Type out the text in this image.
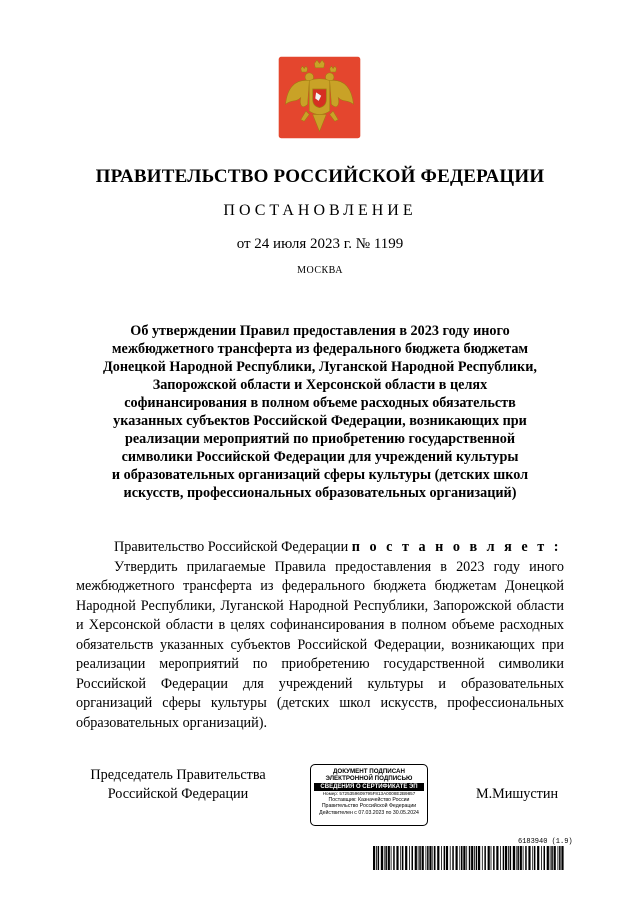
ПРАВИТЕЛЬСТВО РОССИЙСКОЙ ФЕДЕРАЦИИ
ПОСТАНОВЛЕНИЕ
от 24 июля 2023 г. № 1199
МОСКВА
Об утверждении Правил предоставления в 2023 году иного
межбюджетного трансферта из федерального бюджета бюджетам
Донецкой Народной Республики, Луганской Народной Республики,
Запорожской области и Херсонской области в целях
софинансирования в полном объеме расходных обязательств
указанных субъектов Российской Федерации, возникающих при
реализации мероприятий по приобретению государственной
символики Российской Федерации для учреждений культуры
и образовательных организаций сферы культуры (детских школ
искусств, профессиональных образовательных организаций)
Правительство Российской Федерации п о с т а н о в л я е т :
Утвердить прилагаемые Правила предоставления в 2023 году иного межбюджетного трансферта из федерального бюджета бюджетам Донецкой Народной Республики, Луганской Народной Республики, Запорожской области и Херсонской области в целях софинансирования в полном объеме расходных обязательств указанных субъектов Российской Федерации, возникающих при реализации мероприятий по приобретению государственной символики Российской Федерации для учреждений культуры и образовательных организаций сферы культуры (детских школ искусств, профессиональных образовательных организаций).
Председатель Правительства
Российской Федерации
ДОКУМЕНТ ПОДПИСАН
ЭЛЕКТРОННОЙ ПОДПИСЬЮ
СВЕДЕНИЯ О СЕРТИФИКАТЕ ЭП
Номер: 5725359609795F813A0008E2B9857
Поставщик: Казначейство России
Правительство Российской Федерации
Действителен с 07.03.2023 по 30.05.2024
М.Мишустин
6183940 (1.9)
